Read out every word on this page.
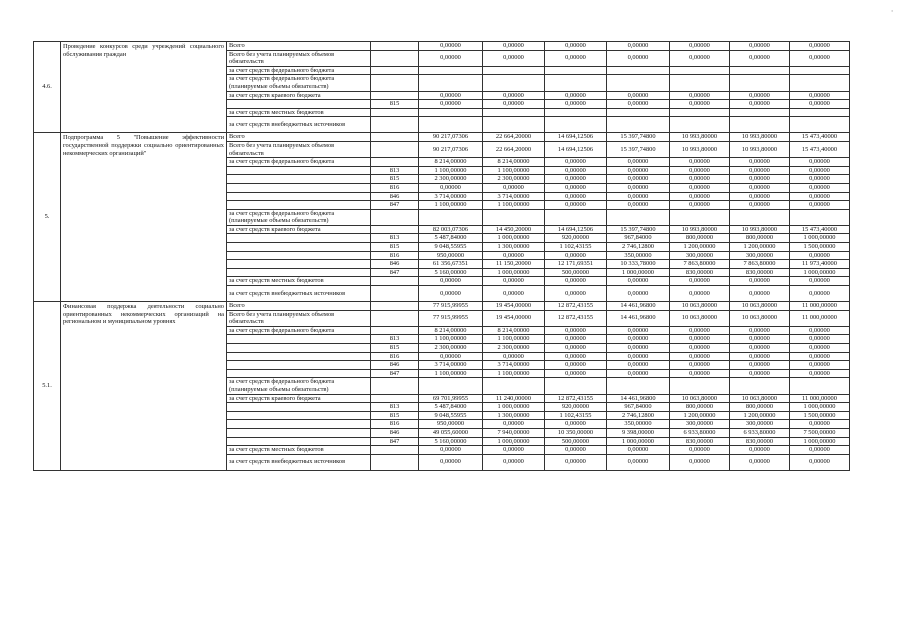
'
4.6.	Проведение конкурсов среди учреждений социального обслуживания граждан	Всего		0,00000	0,00000	0,00000	0,00000	0,00000	0,00000	0,00000
		Всего без учета планируемых объемов обязательств		0,00000	0,00000	0,00000	0,00000	0,00000	0,00000	0,00000
		за счет средств федерального бюджета								
		за счет средств федерального бюджета (планируемые объемы обязательств)								
		за счет средств краевого бюджета		0,00000	0,00000	0,00000	0,00000	0,00000	0,00000	0,00000
			815	0,00000	0,00000	0,00000	0,00000	0,00000	0,00000	0,00000
		за счет средств местных бюджетов								
		за счет средств внебюджетных источников								
5.	Подпрограмма 5 "Повышение эффективности государственной поддержки социально ориентированных некоммерческих организаций"	Всего		90 217,07306	22 664,20000	14 694,12506	15 397,74800	10 993,80000	10 993,80000	15 473,40000
		Всего без учета планируемых объемов обязательств		90 217,07306	22 664,20000	14 694,12506	15 397,74800	10 993,80000	10 993,80000	15 473,40000
		за счет средств федерального бюджета		8 214,00000	8 214,00000	0,00000	0,00000	0,00000	0,00000	0,00000
			813	1 100,00000	1 100,00000	0,00000	0,00000	0,00000	0,00000	0,00000
			815	2 300,00000	2 300,00000	0,00000	0,00000	0,00000	0,00000	0,00000
			816	0,00000	0,00000	0,00000	0,00000	0,00000	0,00000	0,00000
			846	3 714,00000	3 714,00000	0,00000	0,00000	0,00000	0,00000	0,00000
			847	1 100,00000	1 100,00000	0,00000	0,00000	0,00000	0,00000	0,00000
		за счет средств федерального бюджета (планируемые объемы обязательств)								
		за счет средств краевого бюджета		82 003,07306	14 450,20000	14 694,12506	15 397,74800	10 993,80000	10 993,80000	15 473,40000
			813	5 487,84000	1 000,00000	920,00000	967,84000	800,00000	800,00000	1 000,00000
			815	9 048,55955	1 300,00000	1 102,43155	2 746,12800	1 200,00000	1 200,00000	1 500,00000
			816	950,00000	0,00000	0,00000	350,00000	300,00000	300,00000	0,00000
			846	61 356,67351	11 150,20000	12 171,69351	10 333,78000	7 863,80000	7 863,80000	11 973,40000
			847	5 160,00000	1 000,00000	500,00000	1 000,00000	830,00000	830,00000	1 000,00000
		за счет средств местных бюджетов		0,00000	0,00000	0,00000	0,00000	0,00000	0,00000	0,00000
		за счет средств внебюджетных источников		0,00000	0,00000	0,00000	0,00000	0,00000	0,00000	0,00000
5.1.	Финансовая поддержка деятельности социально ориентированных некоммерческих организаций на региональном и муниципальном уровнях	Всего		77 915,99955	19 454,00000	12 872,43155	14 461,96800	10 063,80000	10 063,80000	11 000,00000
		Всего без учета планируемых объемов обязательств		77 915,99955	19 454,00000	12 872,43155	14 461,96800	10 063,80000	10 063,80000	11 000,00000
		за счет средств федерального бюджета		8 214,00000	8 214,00000	0,00000	0,00000	0,00000	0,00000	0,00000
			813	1 100,00000	1 100,00000	0,00000	0,00000	0,00000	0,00000	0,00000
			815	2 300,00000	2 300,00000	0,00000	0,00000	0,00000	0,00000	0,00000
			816	0,00000	0,00000	0,00000	0,00000	0,00000	0,00000	0,00000
			846	3 714,00000	3 714,00000	0,00000	0,00000	0,00000	0,00000	0,00000
			847	1 100,00000	1 100,00000	0,00000	0,00000	0,00000	0,00000	0,00000
		за счет средств федерального бюджета (планируемые объемы обязательств)								
		за счет средств краевого бюджета		69 701,99955	11 240,00000	12 872,43155	14 461,96800	10 063,80000	10 063,80000	11 000,00000
			813	5 487,84000	1 000,00000	920,00000	967,84000	800,00000	800,00000	1 000,00000
			815	9 048,55955	1 300,00000	1 102,43155	2 746,12800	1 200,00000	1 200,00000	1 500,00000
			816	950,00000	0,00000	0,00000	350,00000	300,00000	300,00000	0,00000
			846	49 055,60000	7 940,00000	10 350,00000	9 398,00000	6 933,80000	6 933,80000	7 500,00000
			847	5 160,00000	1 000,00000	500,00000	1 000,00000	830,00000	830,00000	1 000,00000
		за счет средств местных бюджетов		0,00000	0,00000	0,00000	0,00000	0,00000	0,00000	0,00000
		за счет средств внебюджетных источников		0,00000	0,00000	0,00000	0,00000	0,00000	0,00000	0,00000
